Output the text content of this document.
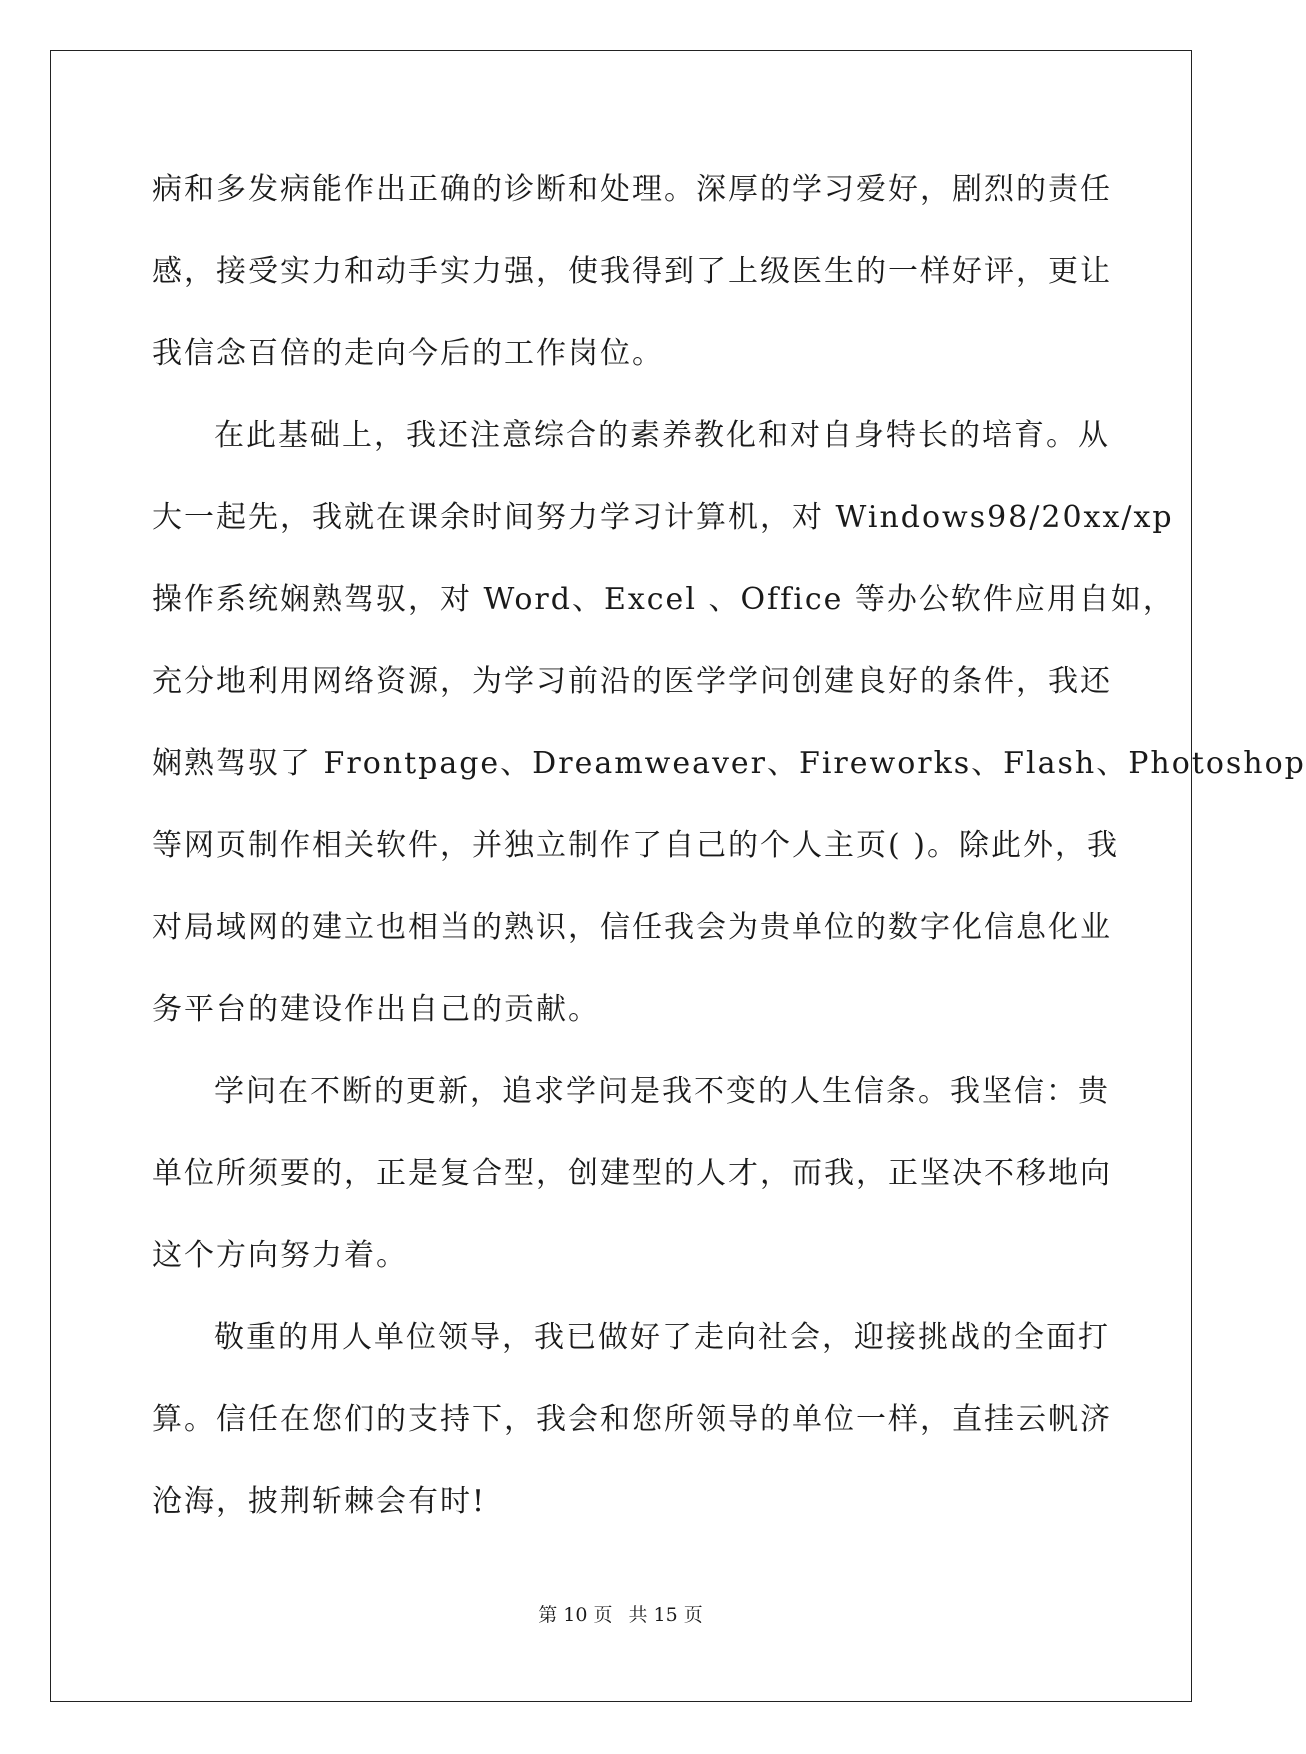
病和多发病能作出正确的诊断和处理。深厚的学习爱好，剧烈的责任
感，接受实力和动手实力强，使我得到了上级医生的一样好评，更让
我信念百倍的走向今后的工作岗位。
在此基础上，我还注意综合的素养教化和对自身特长的培育。从
大一起先，我就在课余时间努力学习计算机，对 Windows98/20xx/xp
操作系统娴熟驾驭，对 Word、Excel 、Office 等办公软件应用自如，
充分地利用网络资源，为学习前沿的医学学问创建良好的条件，我还
娴熟驾驭了 Frontpage、Dreamweaver、Fireworks、Flash、Photoshop
等网页制作相关软件，并独立制作了自己的个人主页( )。除此外，我
对局域网的建立也相当的熟识，信任我会为贵单位的数字化信息化业
务平台的建设作出自己的贡献。
学问在不断的更新，追求学问是我不变的人生信条。我坚信：贵
单位所须要的，正是复合型，创建型的人才，而我，正坚决不移地向
这个方向努力着。
敬重的用人单位领导，我已做好了走向社会，迎接挑战的全面打
算。信任在您们的支持下，我会和您所领导的单位一样，直挂云帆济
沧海，披荆斩棘会有时!
第 10 页 共 15 页
